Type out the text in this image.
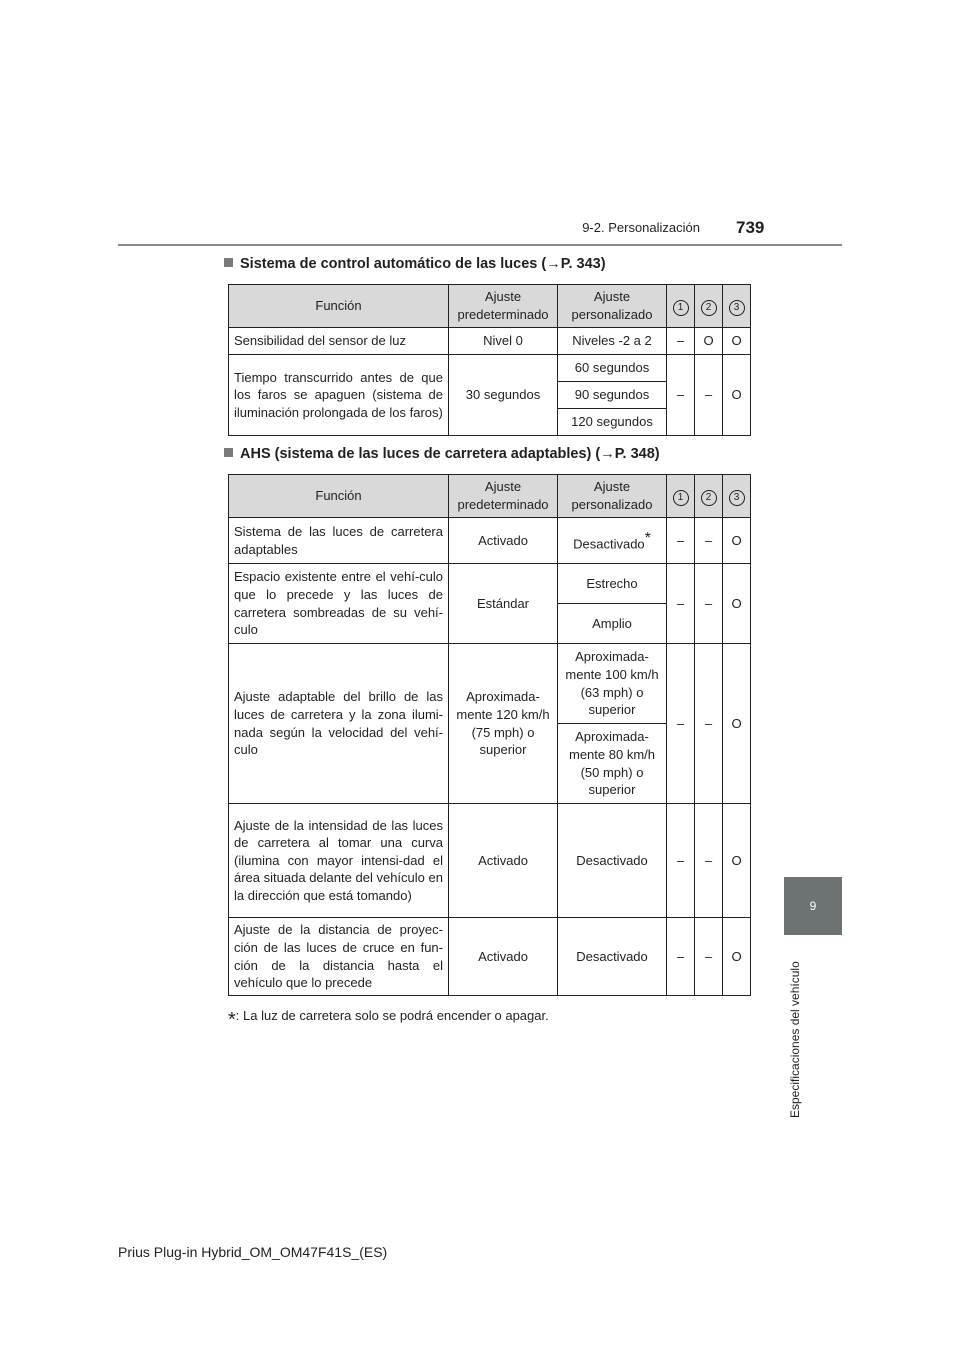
9-2. Personalización 739
9
Especificaciones del vehículo
Sistema de control automático de las luces (→P. 343)
Función	Ajuste predeterminado	Ajuste personalizado	1	2	3
Sensibilidad del sensor de luz	Nivel 0	Niveles -2 a 2	–	O	O
Tiempo transcurrido antes de que los faros se apaguen (sistema de iluminación prolongada de los faros)	30 segundos	60 segundos	–	–	O
		90 segundos			
		120 segundos			
AHS (sistema de las luces de carretera adaptables) (→P. 348)
Función	Ajuste predeterminado	Ajuste personalizado	1	2	3
Sistema de las luces de carretera adaptables	Activado	Desactivado*	–	–	O
Espacio existente entre el vehí-culo que lo precede y las luces de carretera sombreadas de su vehí-culo	Estándar	Estrecho	–	–	O
		Amplio			
Ajuste adaptable del brillo de las luces de carretera y la zona ilumi-nada según la velocidad del vehí-culo	Aproximada-mente 120 km/h (75 mph) o superior	Aproximada-mente 100 km/h (63 mph) o superior	–	–	O
		Aproximada-mente 80 km/h (50 mph) o superior			
Ajuste de la intensidad de las luces de carretera al tomar una curva (ilumina con mayor intensi-dad el área situada delante del vehículo en la dirección que está tomando)	Activado	Desactivado	–	–	O
Ajuste de la distancia de proyec-ción de las luces de cruce en fun-ción de la distancia hasta el vehículo que lo precede	Activado	Desactivado	–	–	O
*: La luz de carretera solo se podrá encender o apagar.
Prius Plug-in Hybrid_OM_OM47F41S_(ES)
